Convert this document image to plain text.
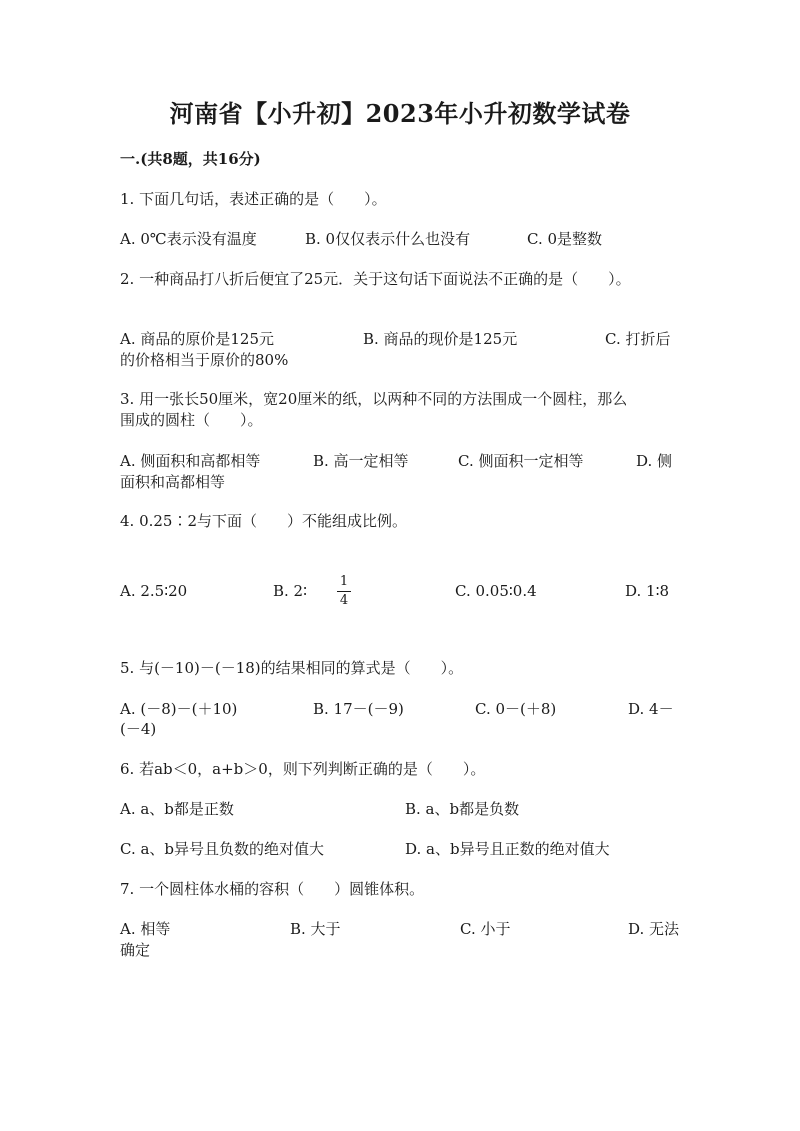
河南省【小升初】2023年小升初数学试卷
一.(共8题，共16分)
1. 下面几句话，表述正确的是（　　）。
A. 0℃表示没有温度	B. 0仅仅表示什么也没有	C. 0是整数
2. 一种商品打八折后便宜了25元．关于这句话下面说法不正确的是（　　）。
A. 商品的原价是125元	B. 商品的现价是125元	C. 打折后
的价格相当于原价的80%
3. 用一张长50厘米，宽20厘米的纸，以两种不同的方法围成一个圆柱，那么
围成的圆柱（　　）。
A. 侧面积和高都相等	B. 高一定相等	C. 侧面积一定相等	D. 侧
面积和高都相等
4. 0.25∶2与下面（　　）不能组成比例。
A. 2.5∶20	B. 2∶ $\frac{1}{4}$	C. 0.05∶0.4	D. 1∶8
5. 与(－10)－(－18)的结果相同的算式是（　　）。
A. (－8)－(＋10)	B. 17－(－9)	C. 0－(＋8)	D. 4－
(－4)
6. 若ab＜0，a+b＞0，则下列判断正确的是（　　）。
A. a、b都是正数	B. a、b都是负数
C. a、b异号且负数的绝对值大	D. a、b异号且正数的绝对值大
7. 一个圆柱体水桶的容积（　　）圆锥体积。
A. 相等	B. 大于	C. 小于	D. 无法
确定
